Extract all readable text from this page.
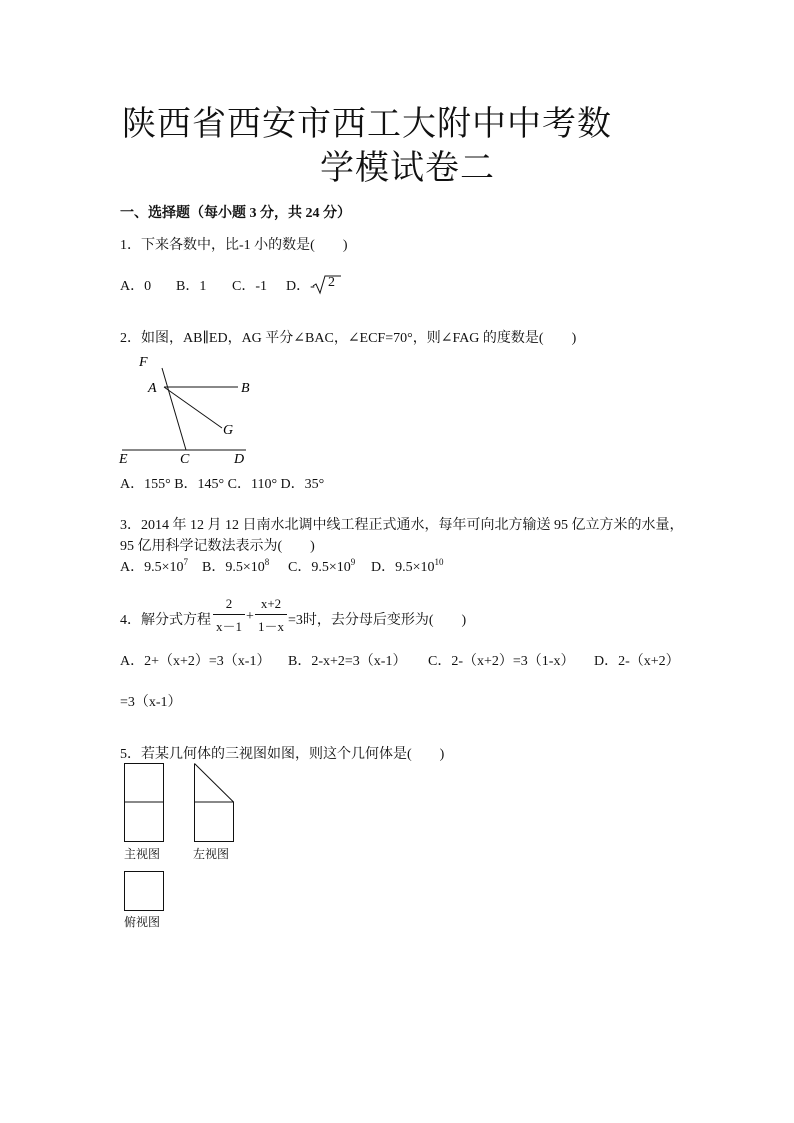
陕西省西安市西工大附中中考数
学模试卷二
一、选择题（每小题 3 分，共 24 分）
1．下来各数中，比-1 小的数是(　　)
A．0 B．1 C．-1 D．- 2
2．如图，AB∥ED，AG 平分∠BAC，∠ECF=70°，则∠FAG 的度数是(　　)
F
A	B
G
E	C	D
A．155° B．145° C．110° D．35°
3．2014 年 12 月 12 日南水北调中线工程正式通水，每年可向北方输送 95 亿立方米的水量，
95 亿用科学记数法表示为(　　)
A．$9.5\times 10^7$ B．$9.5\times 10^8$ C．$9.5\times 10^9$ D．$9.5\times 10^{10}$
4．解分式方程
2
x－1
+
x+2
1－x =3时，去分母后变形为(　　)
A．2+（x+2）=3（x-1） B．2-x+2=3（x-1） C．2-（x+2）=3（1-x） D．2-（x+2）
=3（x-1）
5．若某几何体的三视图如图，则这个几何体是(　　)
主视图	左视图
俯视图
